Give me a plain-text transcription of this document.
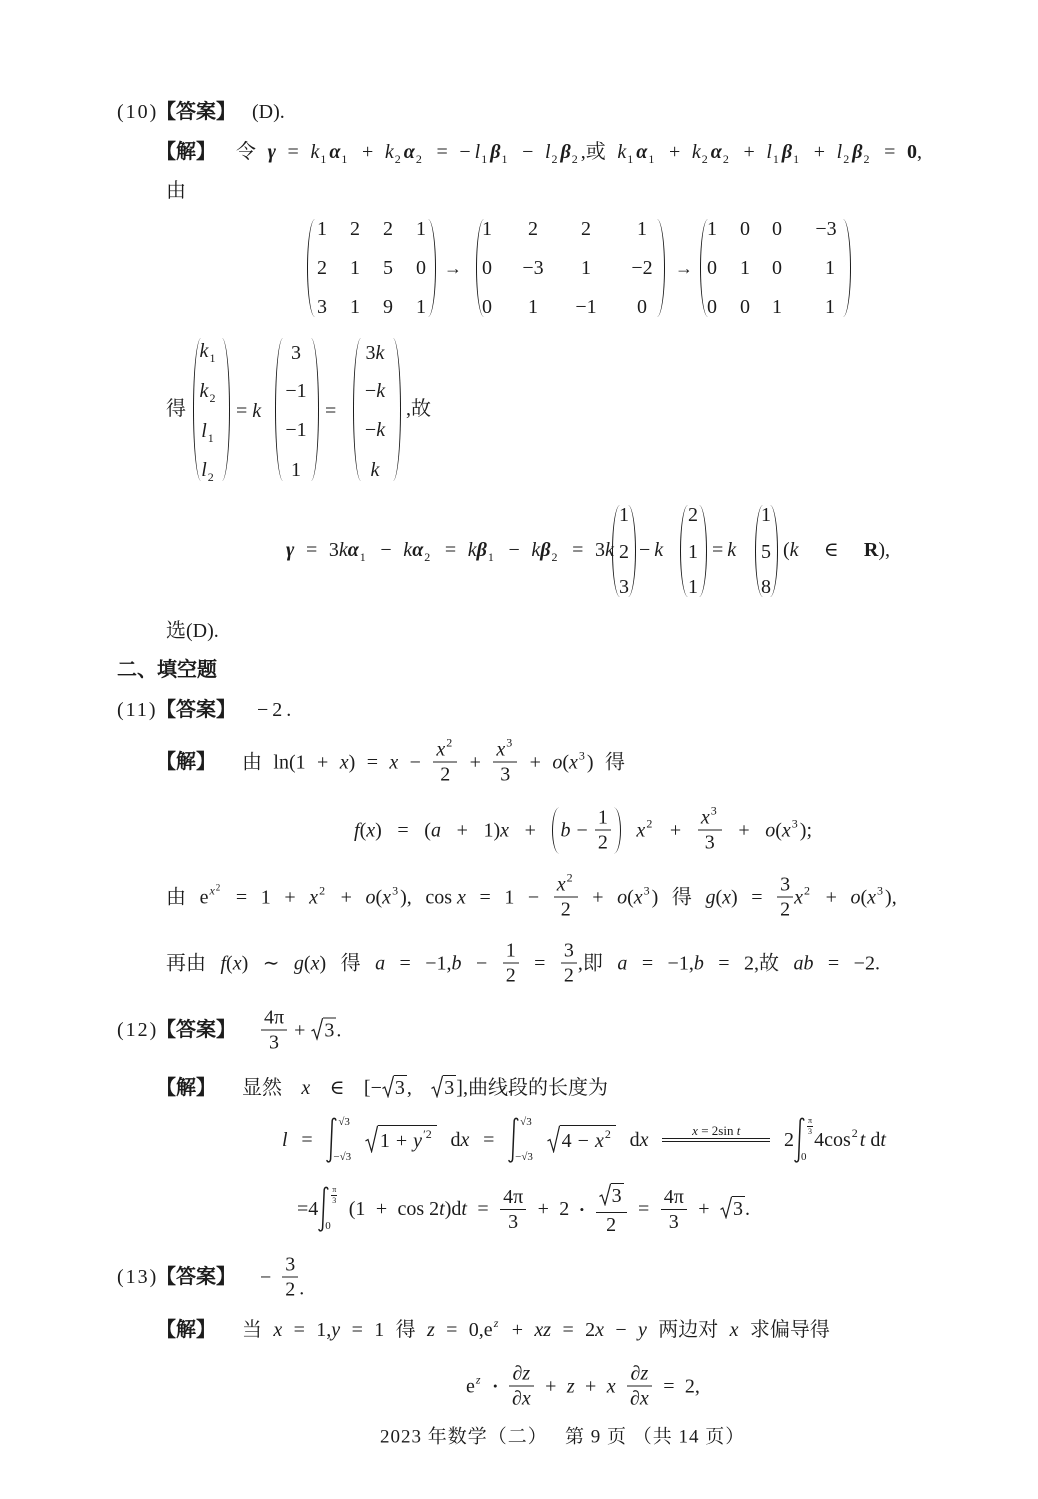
(10)
【答案】 (D).
【解】 令 $\gamma = k_1$ $\alpha_1 + k_2$ $\alpha_2$ = − $l_1$ $\beta_1 - l_2$ $\beta_2$ ,或 $k_1$ $\alpha_1 + k_2$ $\alpha_2 + l_1$ $\beta_1 + l_2$ $\beta_2 = 0$,
由
1 2 2 1
2 1 5 0
3 1 9 1
→
1 2 2 1
0 −3 1 −2
0 1 −1 0
→
1 0 0 −3
0 1 0 1
0 0 1 1
得
$k_1$
$k_2$
$l_1$
$l_2$
= k
3
−1
−1
1
=
3k
−k
−k
k
,故
$\gamma = 3k\alpha_1 - k\alpha_2 = k\beta_1 - k\beta_2 = 3k$
1
2
3
− k
2
1
1
= k
1
5
8
(k ∈ R),
选(D).
二、填空题
(11)
【答案】 −2.
【解】 由 $\ln(1 + x) = x - \frac{x^2}{2} + \frac{x^3}{3} + o(x^3$ ) 得
$f(x) = (a + 1)x + b - \frac{1}{2} x^2 + \frac{x^3}{3} + o(x^3$ );
由 $e^{x^2} = 1 + x^2 + o(x^3$ ), $\cos x = 1 - \frac{x^2}{2} + o(x^3$ ) 得 $g(x) = \frac{3}{2} x^2 + o(x^3$ ),
再由 f(x) ∼ g(x) 得 $a = -1,b - \frac{1}{2} = \frac{3}{2}$ ,即 a = −1,b = 2,故 ab = −2.
(12)
【答案】 $\frac{4\pi}{3} + 3$ .
【解】 显然 x ∈ [− 3 , 3 ],曲线段的长度为
l =
√3
−√3
$1 + y^{'2}$ dx =
√3
−√3
$4 - x^2$ dx	x = 2sin t 2
$\frac{\pi}{3}$
0
$4\cos^2$ t dt
= 4
$\frac{\pi}{3}$
0
$(1 + \cos 2t)dt = \frac{4\pi}{3} + 2$ • $\frac{3}{2} = \frac{4\pi}{3} + 3$ .
(13)
【答案】 − $\frac{3}{2}$ .
【解】 当 x = 1,y = 1 得 $z = 0,e^z$ + xz = 2x − y 两边对 x 求偏导得
$e^z$ • $\frac{\partial z}{\partial x} + z + x \frac{\partial z}{\partial x} = 2$,
2023 年数学（二） 第 9 页 （共 14 页）
